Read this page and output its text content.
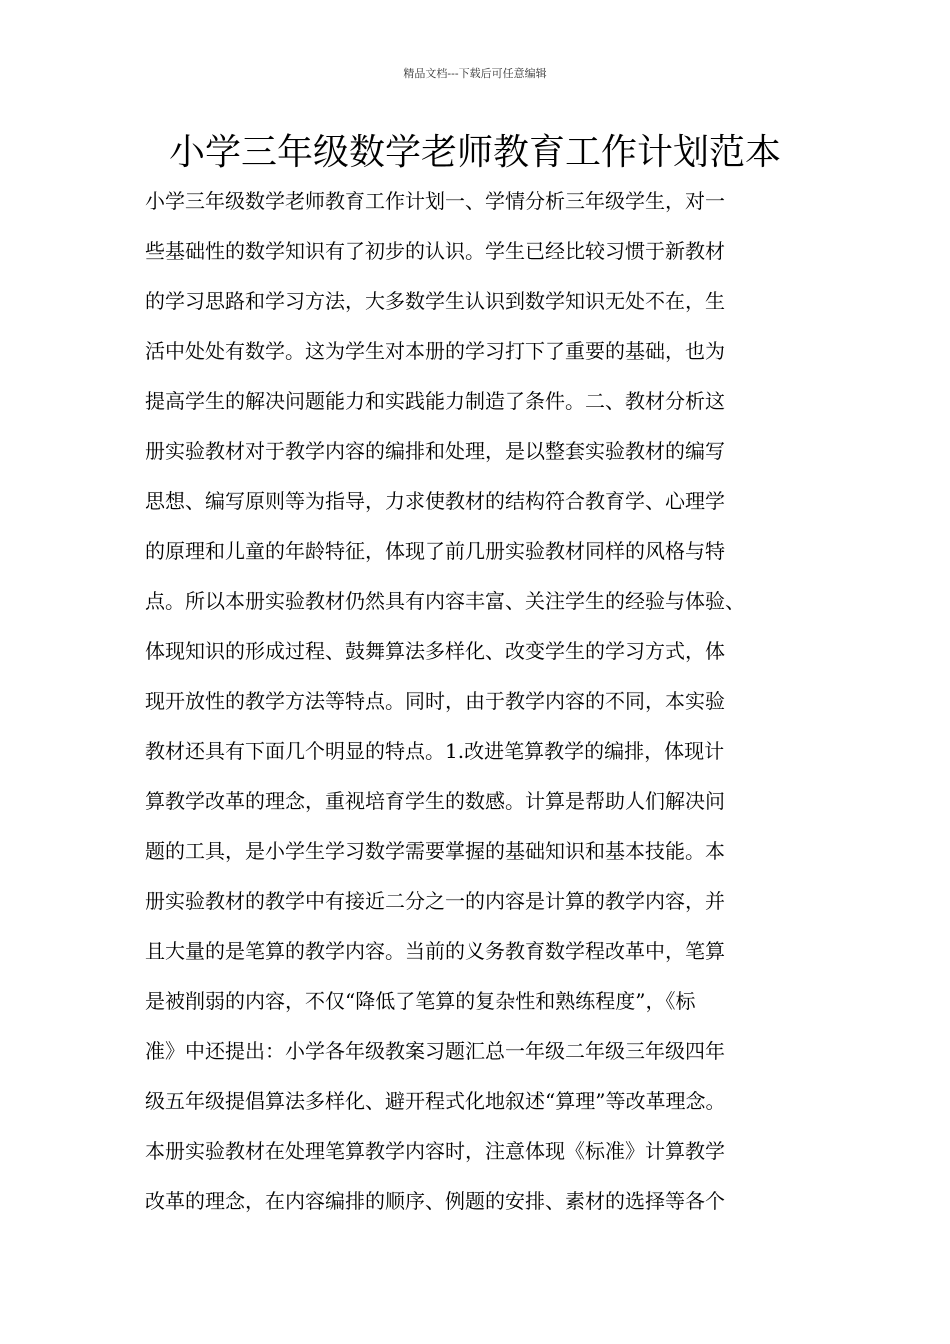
精品文档---下载后可任意编辑
小学三年级数学老师教育工作计划范本
小学三年级数学老师教育工作计划一、学情分析三年级学生，对一
些基础性的数学知识有了初步的认识。学生已经比较习惯于新教材
的学习思路和学习方法，大多数学生认识到数学知识无处不在，生
活中处处有数学。这为学生对本册的学习打下了重要的基础，也为
提高学生的解决问题能力和实践能力制造了条件。二、教材分析这
册实验教材对于教学内容的编排和处理，是以整套实验教材的编写
思想、编写原则等为指导，力求使教材的结构符合教育学、心理学
的原理和儿童的年龄特征，体现了前几册实验教材同样的风格与特
点。所以本册实验教材仍然具有内容丰富、关注学生的经验与体验、
体现知识的形成过程、鼓舞算法多样化、改变学生的学习方式，体
现开放性的教学方法等特点。同时，由于教学内容的不同，本实验
教材还具有下面几个明显的特点。1.改进笔算教学的编排，体现计
算教学改革的理念，重视培育学生的数感。计算是帮助人们解决问
题的工具，是小学生学习数学需要掌握的基础知识和基本技能。本
册实验教材的教学中有接近二分之一的内容是计算的教学内容，并
且大量的是笔算的教学内容。当前的义务教育数学程改革中，笔算
是被削弱的内容，不仅“降低了笔算的复杂性和熟练程度”，《标
准》中还提出：小学各年级教案习题汇总一年级二年级三年级四年
级五年级提倡算法多样化、避开程式化地叙述“算理”等改革理念。
本册实验教材在处理笔算教学内容时，注意体现《标准》计算教学
改革的理念，在内容编排的顺序、例题的安排、素材的选择等各个
